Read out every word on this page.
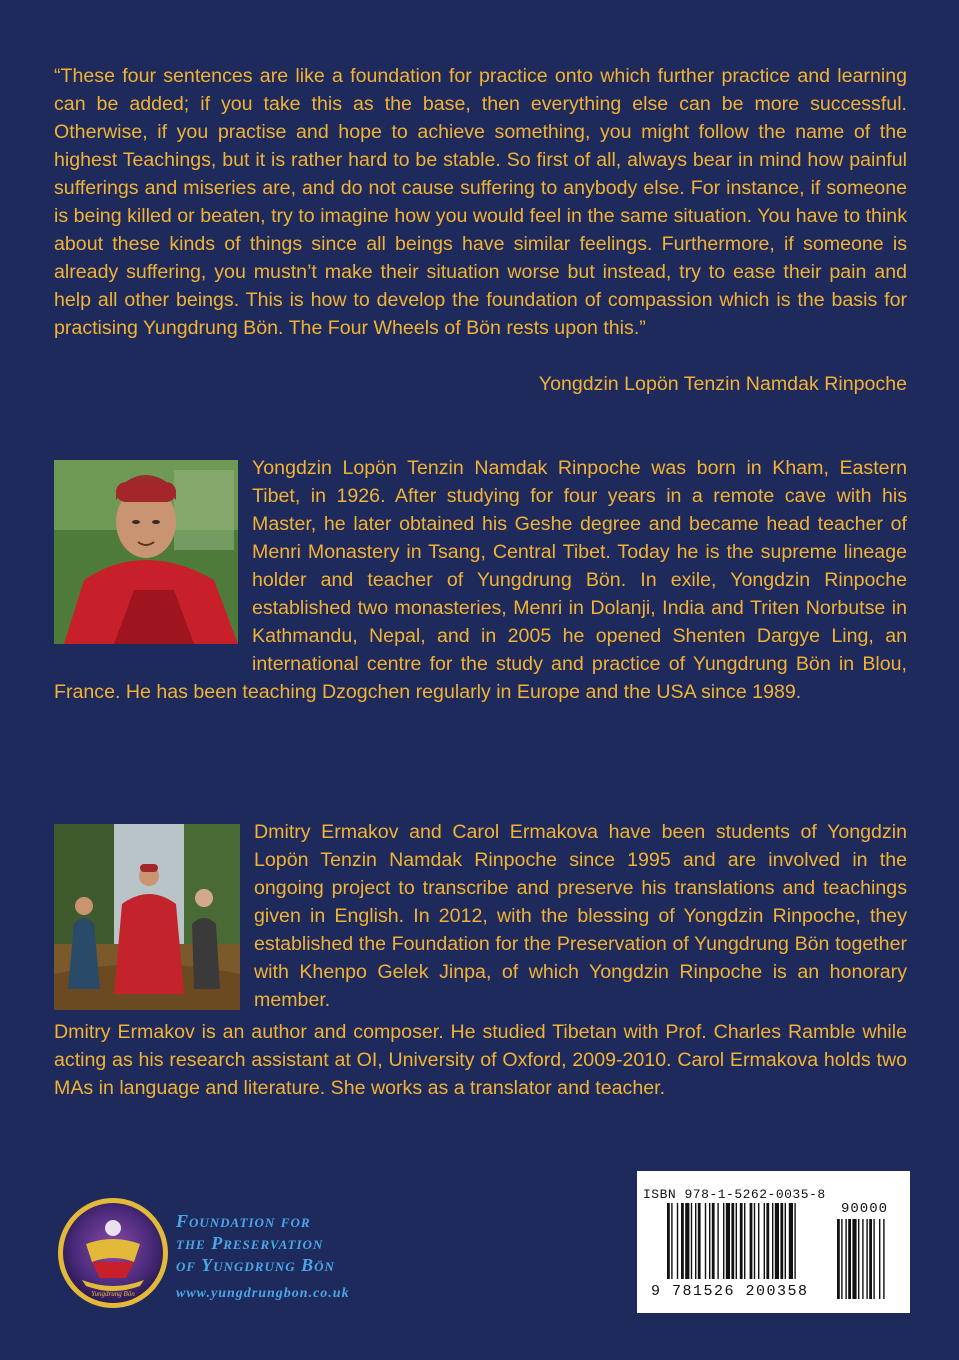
“These four sentences are like a foundation for practice onto which further practice and learning can be added; if you take this as the base, then everything else can be more successful. Otherwise, if you practise and hope to achieve something, you might follow the name of the highest Teachings, but it is rather hard to be stable. So first of all, always bear in mind how painful sufferings and miseries are, and do not cause suffering to anybody else. For instance, if someone is being killed or beaten, try to imagine how you would feel in the same situation. You have to think about these kinds of things since all beings have similar feelings. Furthermore, if someone is already suffering, you mustn’t make their situation worse but instead, try to ease their pain and help all other beings. This is how to develop the foundation of compassion which is the basis for practising Yungdrung Bön. The Four Wheels of Bön rests upon this.”

Yongdzin Lopön Tenzin Namdak Rinpoche

Yongdzin Lopön Tenzin Namdak Rinpoche was born in Kham, Eastern Tibet, in 1926. After studying for four years in a remote cave with his Master, he later obtained his Geshe degree and became head teacher of Menri Monastery in Tsang, Central Tibet. Today he is the supreme lineage holder and teacher of Yungdrung Bön. In exile, Yongdzin Rinpoche established two monasteries, Menri in Dolanji, India and Triten Norbutse in Kathmandu, Nepal, and in 2005 he opened Shenten Dargye Ling, an international centre for the study and practice of Yungdrung Bön in Blou, France. He has been teaching Dzogchen regularly in Europe and the USA since 1989.

Dmitry Ermakov and Carol Ermakova have been students of Yongdzin Lopön Tenzin Namdak Rinpoche since 1995 and are involved in the ongoing project to transcribe and preserve his translations and teachings given in English. In 2012, with the blessing of Yongdzin Rinpoche, they established the Foundation for the Preservation of Yungdrung Bön together with Khenpo Gelek Jinpa, of which Yongdzin Rinpoche is an honorary member.

Dmitry Ermakov is an author and composer. He studied Tibetan with Prof. Charles Ramble while acting as his research assistant at OI, University of Oxford, 2009-2010. Carol Ermakova holds two MAs in language and literature. She works as a translator and teacher.

Yungdrung Bön
Foundation for
the Preservation
of Yungdrung Bön
www.yungdrungbon.co.uk
ISBN 978-1-5262-0035-8
90000
9 781526 200358
